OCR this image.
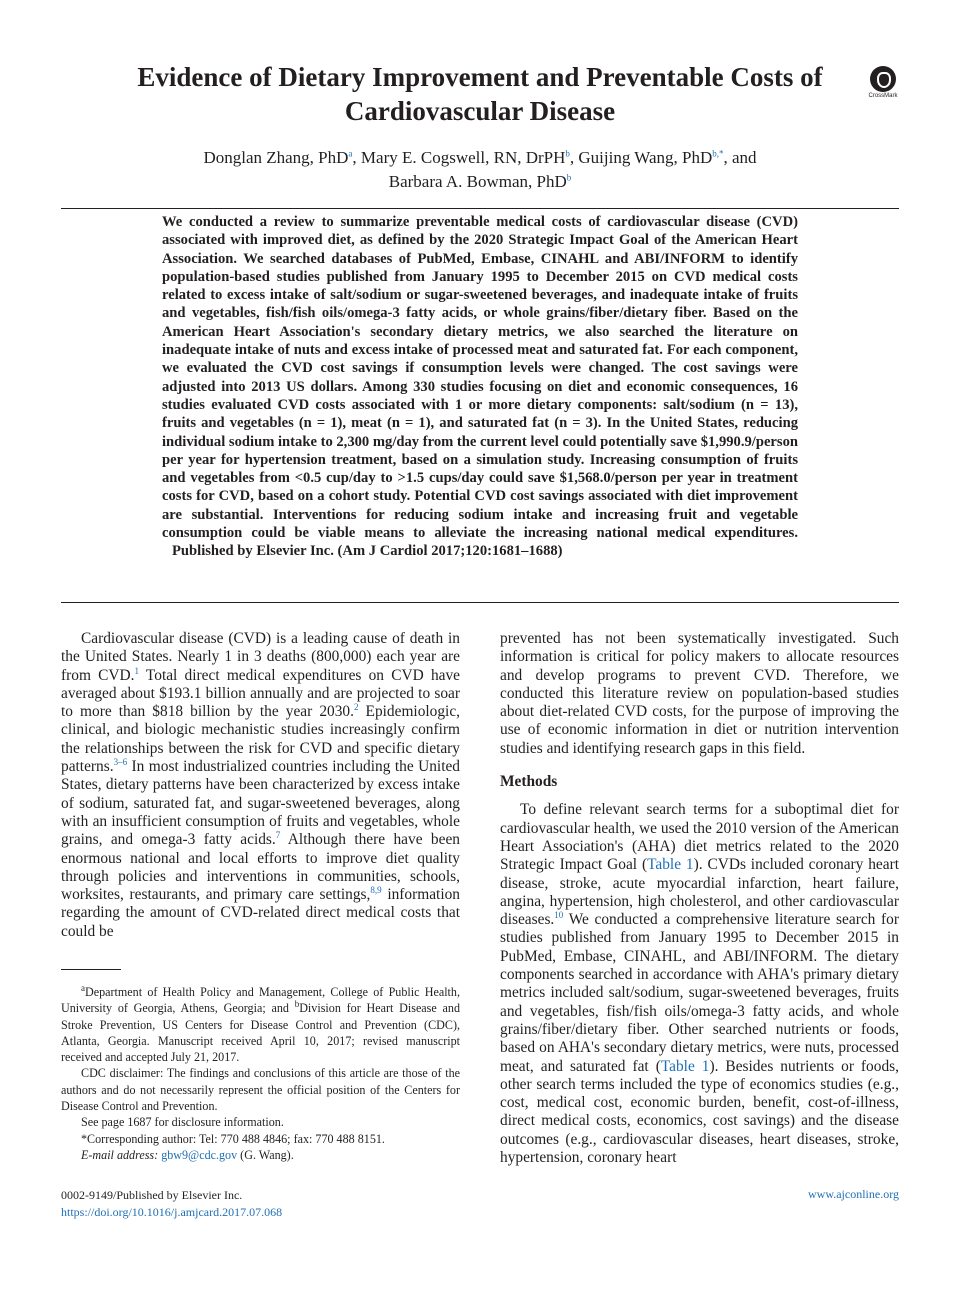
Evidence of Dietary Improvement and Preventable Costs of Cardiovascular Disease	CrossMark
Donglan Zhang, PhD$^a$, Mary E. Cogswell, RN, DrPH$^b$, Guijing Wang, PhD$^{b,*}$, and
Barbara A. Bowman, PhD$^b$
We conducted a review to summarize preventable medical costs of cardiovascular disease (CVD) associated with improved diet, as defined by the 2020 Strategic Impact Goal of the American Heart Association. We searched databases of PubMed, Embase, CINAHL and ABI/INFORM to identify population-based studies published from January 1995 to December 2015 on CVD medical costs related to excess intake of salt/sodium or sugar-sweetened beverages, and inadequate intake of fruits and vegetables, fish/fish oils/omega-3 fatty acids, or whole grains/fiber/dietary fiber. Based on the American Heart Association's secondary dietary metrics, we also searched the literature on inadequate intake of nuts and excess intake of processed meat and saturated fat. For each component, we evaluated the CVD cost savings if consumption levels were changed. The cost savings were adjusted into 2013 US dollars. Among 330 studies focusing on diet and economic consequences, 16 studies evaluated CVD costs associated with 1 or more dietary components: salt/sodium (n = 13), fruits and vegetables (n = 1), meat (n = 1), and saturated fat (n = 3). In the United States, reducing individual sodium intake to 2,300 mg/day from the current level could potentially save $1,990.9/person per year for hypertension treatment, based on a simulation study. Increasing consumption of fruits and vegetables from <0.5 cup/day to >1.5 cups/day could save $1,568.0/person per year in treatment costs for CVD, based on a cohort study. Potential CVD cost savings associated with diet improvement are substantial. Interventions for reducing sodium intake and increasing fruit and vegetable consumption could be viable means to alleviate the increasing national medical expenditures. Published by Elsevier Inc. (Am J Cardiol 2017;120:1681–1688)

Cardiovascular disease (CVD) is a leading cause of death in the United States. Nearly 1 in 3 deaths (800,000) each year are from CVD.$^1$ Total direct medical expenditures on CVD have averaged about $193.1 billion annually and are projected to soar to more than $818 billion by the year 2030.$^2$ Epidemiologic, clinical, and biologic mechanistic studies increasingly confirm the relationships between the risk for CVD and specific dietary patterns.$^{3-6}$ In most industrialized countries including the United States, dietary patterns have been characterized by excess intake of sodium, saturated fat, and sugar-sweetened beverages, along with an insufficient consumption of fruits and vegetables, whole grains, and omega-3 fatty acids.$^7$ Although there have been enormous national and local efforts to improve diet quality through policies and interventions in communities, schools, worksites, restaurants, and primary care settings,$^{8,9}$ information regarding the amount of CVD-related direct medical costs that could be

$^a$Department of Health Policy and Management, College of Public Health, University of Georgia, Athens, Georgia; and $^b$Division for Heart Disease and Stroke Prevention, US Centers for Disease Control and Prevention (CDC), Atlanta, Georgia. Manuscript received April 10, 2017; revised manuscript received and accepted July 21, 2017.

CDC disclaimer: The findings and conclusions of this article are those of the authors and do not necessarily represent the official position of the Centers for Disease Control and Prevention.

See page 1687 for disclosure information.

*Corresponding author: Tel: 770 488 4846; fax: 770 488 8151.

E-mail address: gbw9@cdc.gov (G. Wang).

prevented has not been systematically investigated. Such information is critical for policy makers to allocate resources and develop programs to prevent CVD. Therefore, we conducted this literature review on population-based studies about diet-related CVD costs, for the purpose of improving the use of economic information in diet or nutrition intervention studies and identifying research gaps in this field.

Methods

To define relevant search terms for a suboptimal diet for cardiovascular health, we used the 2010 version of the American Heart Association's (AHA) diet metrics related to the 2020 Strategic Impact Goal (Table 1). CVDs included coronary heart disease, stroke, acute myocardial infarction, heart failure, angina, hypertension, high cholesterol, and other cardiovascular diseases.$^{10}$ We conducted a comprehensive literature search for studies published from January 1995 to December 2015 in PubMed, Embase, CINAHL, and ABI/INFORM. The dietary components searched in accordance with AHA's primary dietary metrics included salt/sodium, sugar-sweetened beverages, fruits and vegetables, fish/fish oils/omega-3 fatty acids, and whole grains/fiber/dietary fiber. Other searched nutrients or foods, based on AHA's secondary dietary metrics, were nuts, processed meat, and saturated fat (Table 1). Besides nutrients or foods, other search terms included the type of economics studies (e.g., cost, medical cost, economic burden, benefit, cost-of-illness, direct medical costs, economics, cost savings) and the disease outcomes (e.g., cardiovascular diseases, heart diseases, stroke, hypertension, coronary heart

0002-9149/Published by Elsevier Inc.
https://doi.org/10.1016/j.amjcard.2017.07.068
www.ajconline.org
